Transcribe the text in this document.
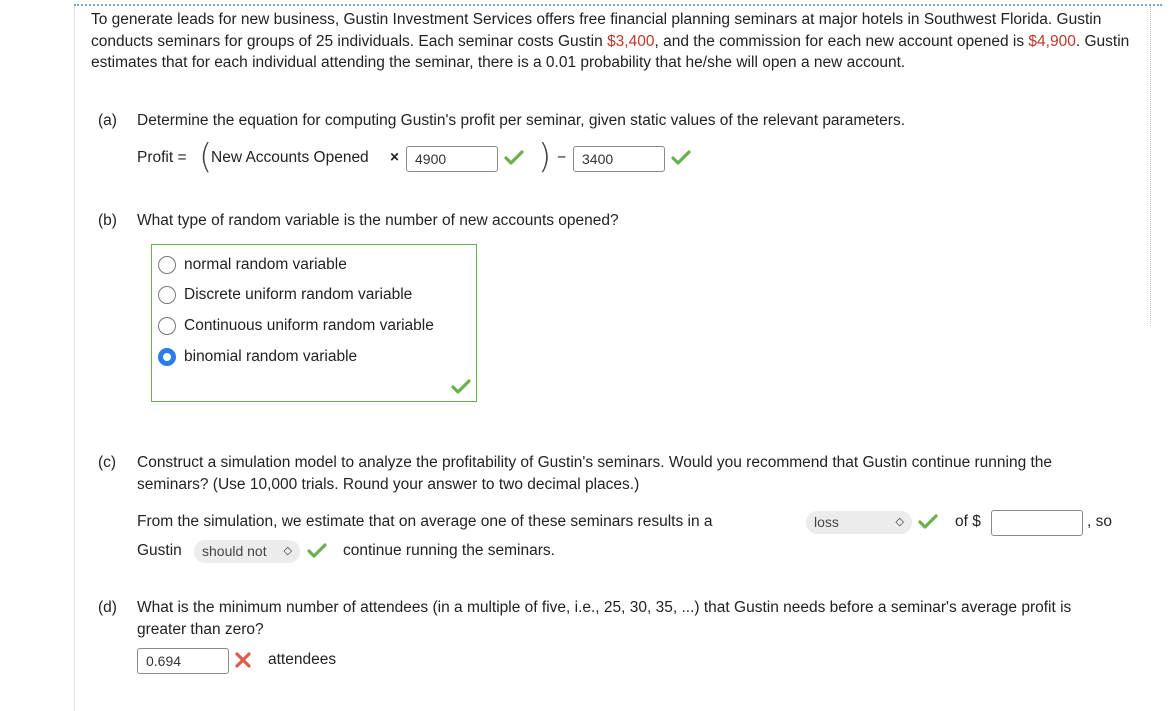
To generate leads for new business, Gustin Investment Services offers free financial planning seminars at major hotels in Southwest Florida. Gustin conducts seminars for groups of 25 individuals. Each seminar costs Gustin $3,400, and the commission for each new account opened is $4,900. Gustin estimates that for each individual attending the seminar, there is a 0.01 probability that he/she will open a new account.
(a)	Determine the equation for computing Gustin's profit per seminar, given static values of the relevant parameters.
Profit = (
New Accounts Opened ×	4900	) −	3400
(b)	What type of random variable is the number of new accounts opened?
normal random variable
Discrete uniform random variable
Continuous uniform random variable
binomial random variable
(c)	Construct a simulation model to analyze the profitability of Gustin's seminars. Would you recommend that Gustin continue running the seminars? (Use 10,000 trials. Round your answer to two decimal places.)
From the simulation, we estimate that on average one of these seminars results in a	loss	◇	of $	, so
Gustin	should not ◇	continue running the seminars.
(d)	What is the minimum number of attendees (in a multiple of five, i.e., 25, 30, 35, ...) that Gustin needs before a seminar's average profit is greater than zero?
0.694	attendees
